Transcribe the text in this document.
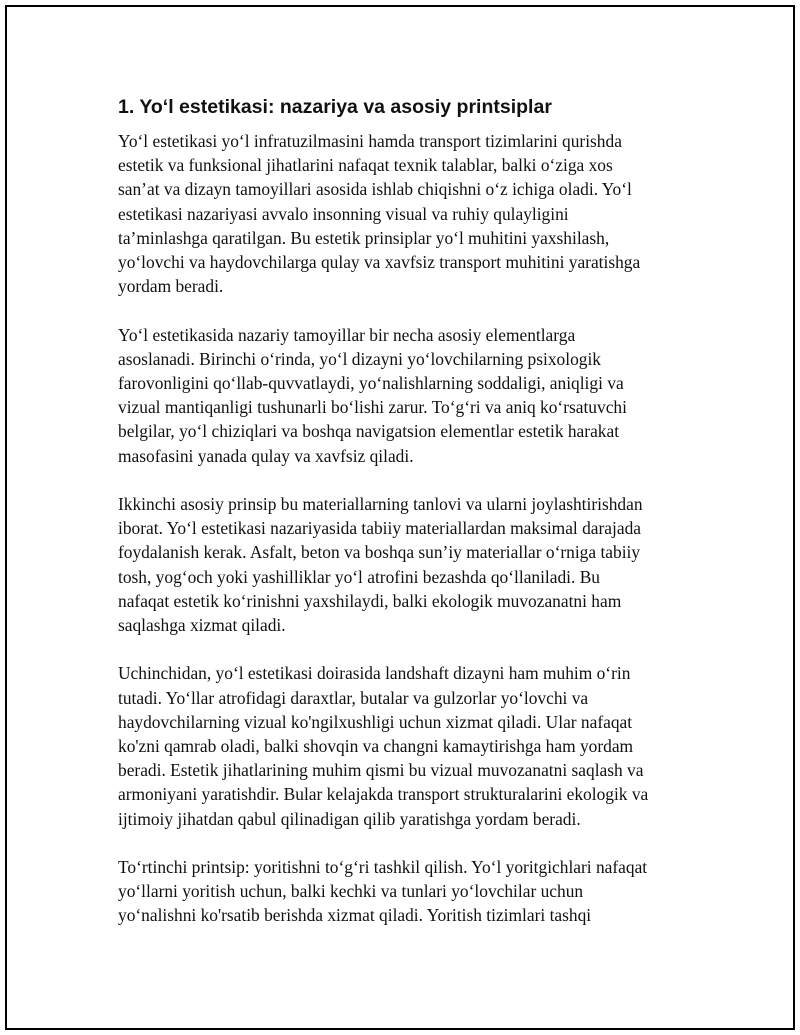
1. Yo‘l estetikasi: nazariya va asosiy printsiplar

Yo‘l estetikasi yo‘l infratuzilmasini hamda transport tizimlarini qurishda
estetik va funksional jihatlarini nafaqat texnik talablar, balki o‘ziga xos
san’at va dizayn tamoyillari asosida ishlab chiqishni o‘z ichiga oladi. Yo‘l
estetikasi nazariyasi avvalo insonning visual va ruhiy qulayligini
ta’minlashga qaratilgan. Bu estetik prinsiplar yo‘l muhitini yaxshilash,
yo‘lovchi va haydovchilarga qulay va xavfsiz transport muhitini yaratishga
yordam beradi.

Yo‘l estetikasida nazariy tamoyillar bir necha asosiy elementlarga
asoslanadi. Birinchi o‘rinda, yo‘l dizayni yo‘lovchilarning psixologik
farovonligini qo‘llab-quvvatlaydi, yo‘nalishlarning soddaligi, aniqligi va
vizual mantiqanligi tushunarli bo‘lishi zarur. To‘g‘ri va aniq ko‘rsatuvchi
belgilar, yo‘l chiziqlari va boshqa navigatsion elementlar estetik harakat
masofasini yanada qulay va xavfsiz qiladi.

Ikkinchi asosiy prinsip bu materiallarning tanlovi va ularni joylashtirishdan
iborat. Yo‘l estetikasi nazariyasida tabiiy materiallardan maksimal darajada
foydalanish kerak. Asfalt, beton va boshqa sun’iy materiallar o‘rniga tabiiy
tosh, yog‘och yoki yashilliklar yo‘l atrofini bezashda qo‘llaniladi. Bu
nafaqat estetik ko‘rinishni yaxshilaydi, balki ekologik muvozanatni ham
saqlashga xizmat qiladi.

Uchinchidan, yo‘l estetikasi doirasida landshaft dizayni ham muhim o‘rin
tutadi. Yo‘llar atrofidagi daraxtlar, butalar va gulzorlar yo‘lovchi va
haydovchilarning vizual ko'ngilxushligi uchun xizmat qiladi. Ular nafaqat
ko'zni qamrab oladi, balki shovqin va changni kamaytirishga ham yordam
beradi. Estetik jihatlarining muhim qismi bu vizual muvozanatni saqlash va
armoniyani yaratishdir. Bular kelajakda transport strukturalarini ekologik va
ijtimoiy jihatdan qabul qilinadigan qilib yaratishga yordam beradi.

To‘rtinchi printsip: yoritishni to‘g‘ri tashkil qilish. Yo‘l yoritgichlari nafaqat
yo‘llarni yoritish uchun, balki kechki va tunlari yo‘lovchilar uchun
yo‘nalishni ko'rsatib berishda xizmat qiladi. Yoritish tizimlari tashqi
